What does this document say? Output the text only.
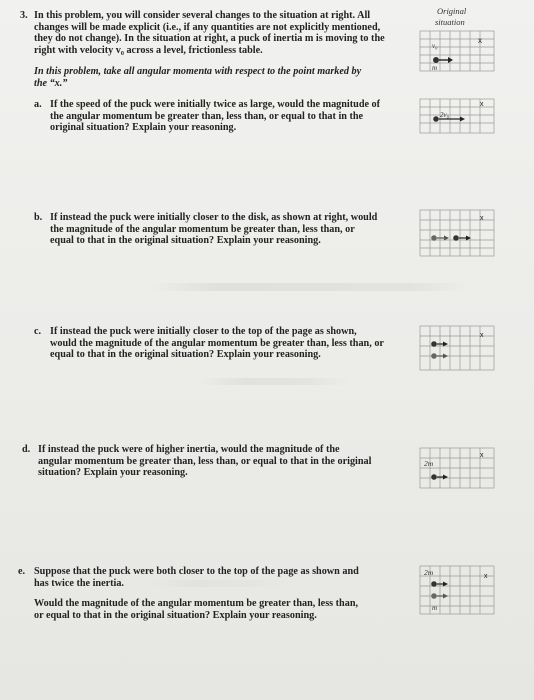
3. In this problem, you will consider several changes to the situation at right. All
changes will be made explicit (i.e., if any quantities are not explicitly mentioned,
they do not change). In the situation at right, a puck of inertia m is moving to the
right with velocity v₀ across a level, frictionless table.
In this problem, take all angular momenta with respect to the point marked by
the “x.”
a. If the speed of the puck were initially twice as large, would the magnitude of
the angular momentum be greater than, less than, or equal to that in the
original situation? Explain your reasoning.
b. If instead the puck were initially closer to the disk, as shown at right, would
the magnitude of the angular momentum be greater than, less than, or
equal to that in the original situation? Explain your reasoning.
c. If instead the puck were initially closer to the top of the page as shown,
would the magnitude of the angular momentum be greater than, less than, or
equal to that in the original situation? Explain your reasoning.
d. If instead the puck were of higher inertia, would the magnitude of the
angular momentum be greater than, less than, or equal to that in the original
situation? Explain your reasoning.
e. Suppose that the puck were both closer to the top of the page as shown and
has twice the inertia.
Would the magnitude of the angular momentum be greater than, less than,
or equal to that in the original situation? Explain your reasoning.
Original
situation
x
v₀
m
x
2v₀
x
x
x
2m
2m	x
m
